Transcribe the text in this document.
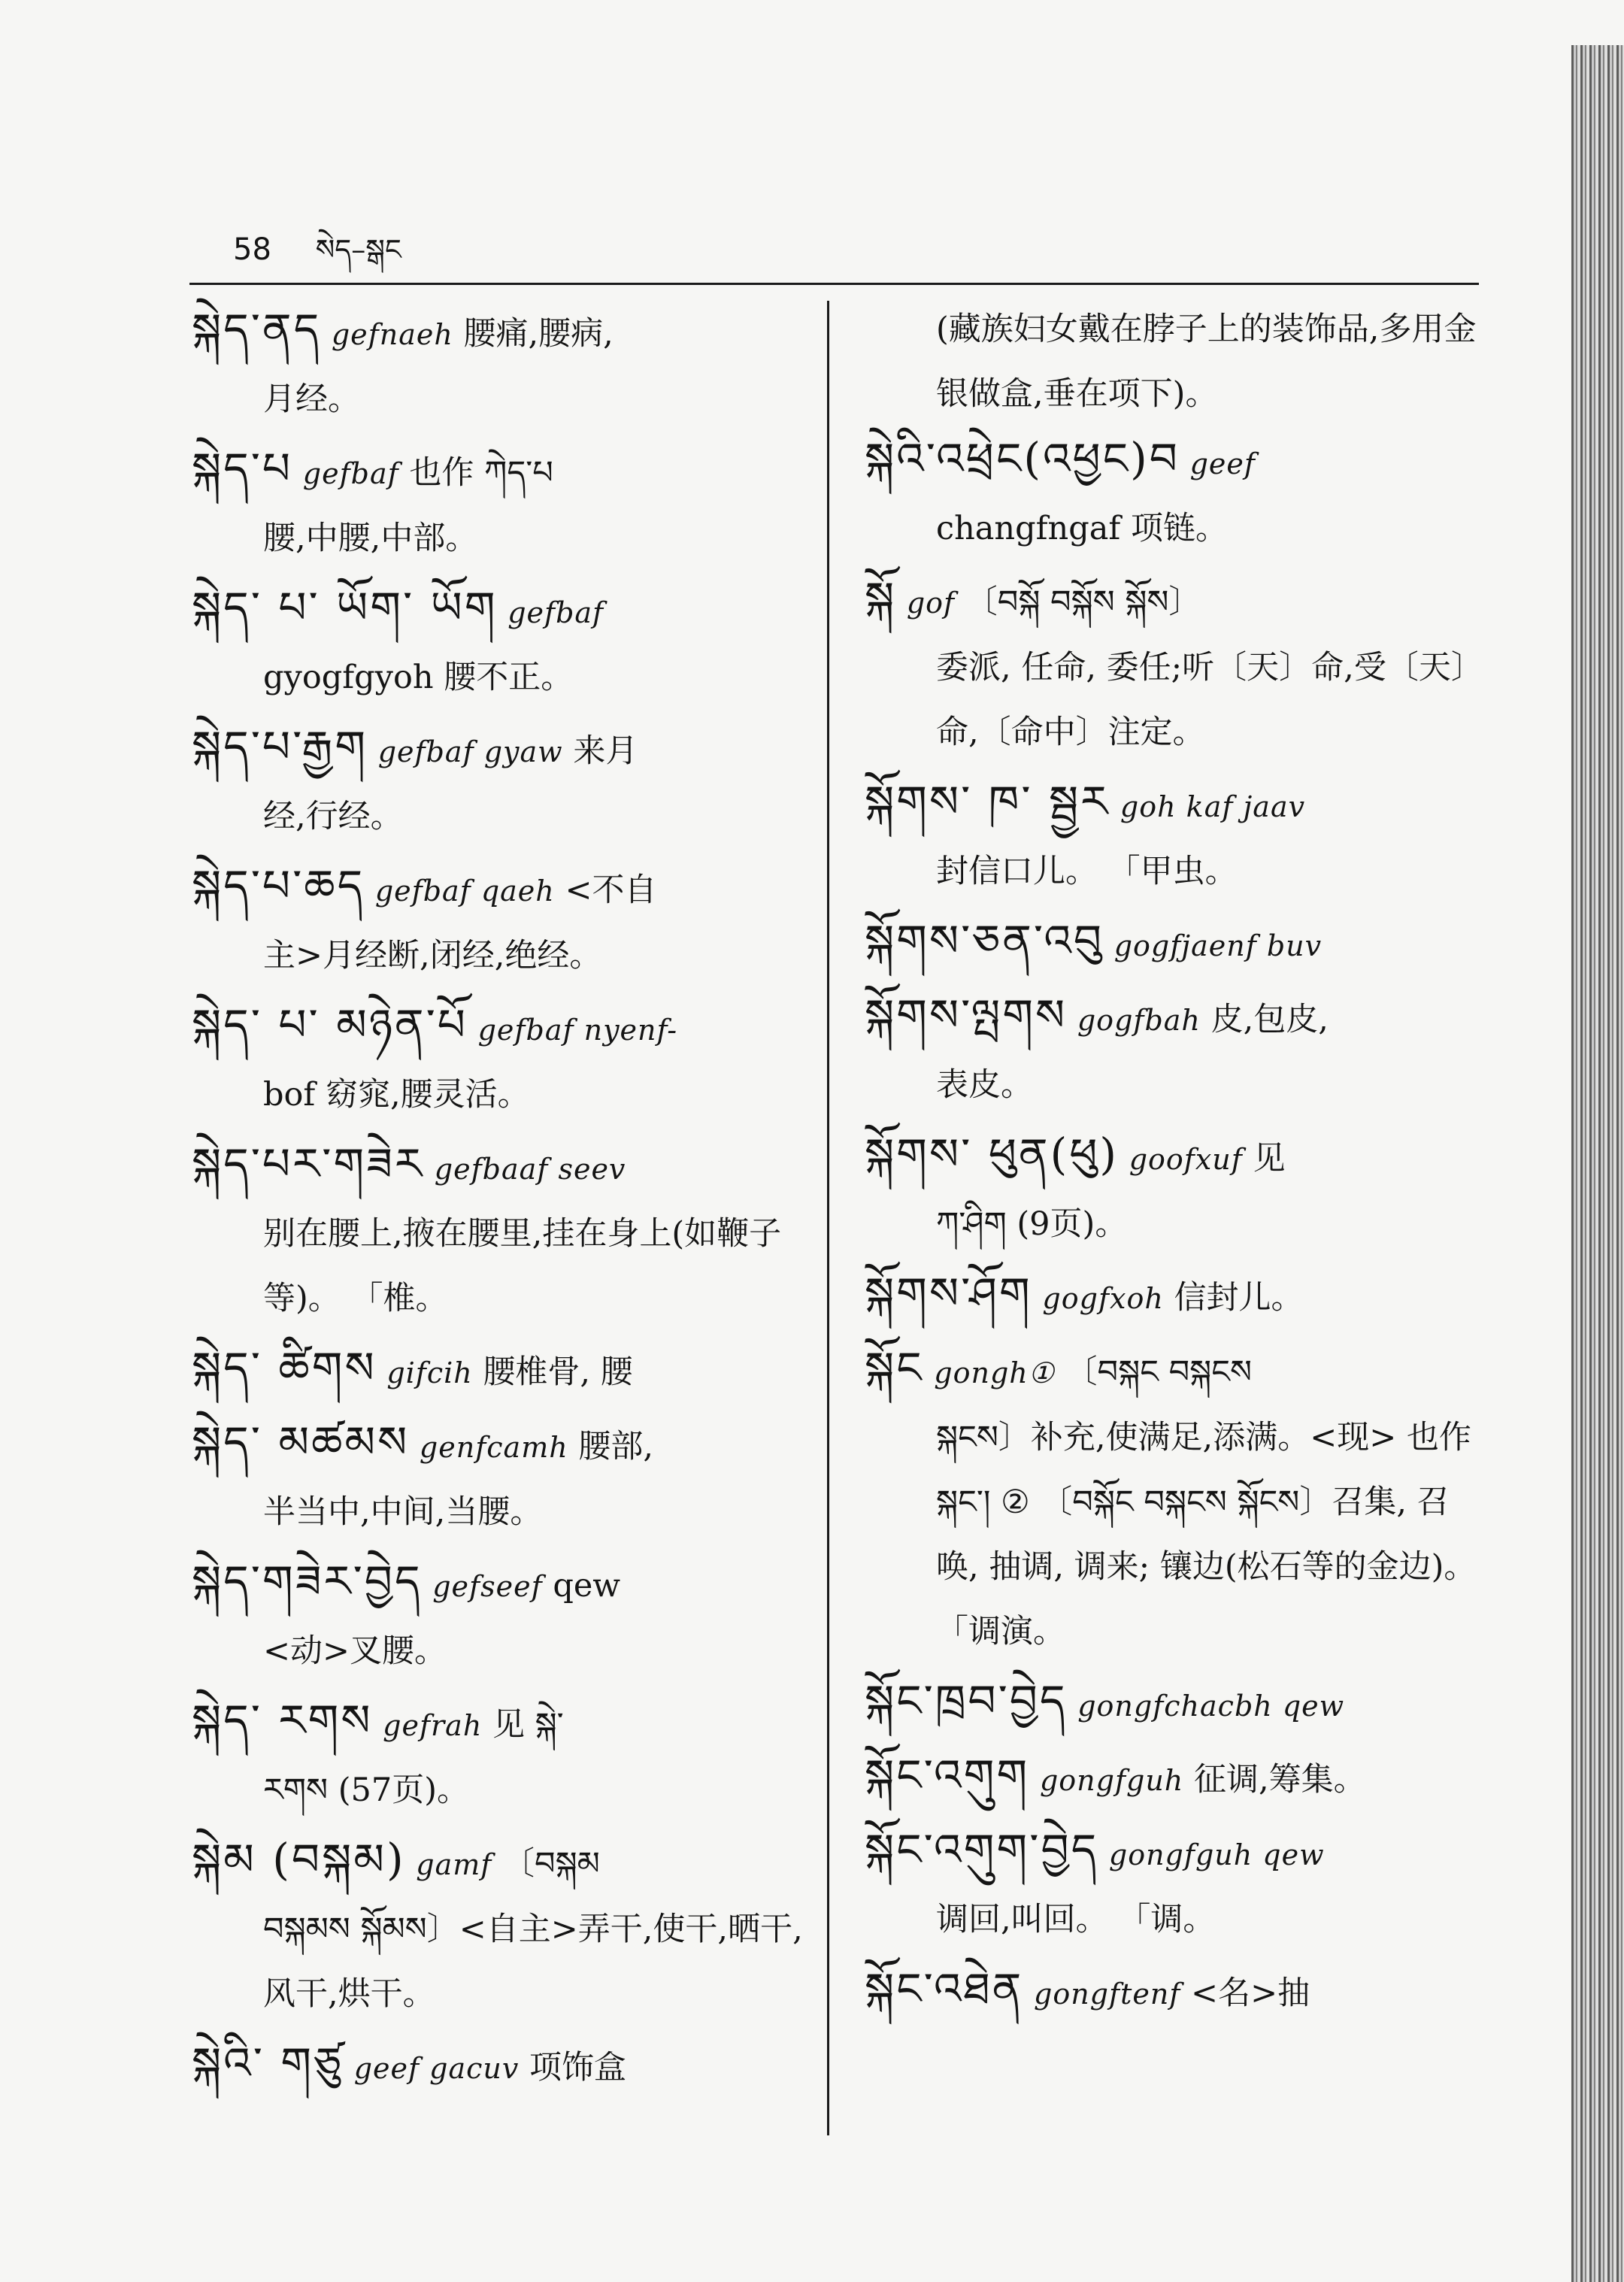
58 སེད–སྒང
སྐེད་ནད gefnaeh 腰痛,腰病,
月经。
སྐེད་པ gefbaf 也作 ཀེད་པ
腰,中腰,中部。
སྐེད་ པ་ ཡོག་ ཡོག gefbaf
gyogfgyoh 腰不正。
སྐེད་པ་རྒྱག gefbaf gyaw 来月
经,行经。
སྐེད་པ་ཆད gefbaf qaeh <不自
主>月经断,闭经,绝经。
སྐེད་ པ་ མཉེན་པོ gefbaf nyenf-
bof 窈窕,腰灵活。
སྐེད་པར་གཟེར gefbaaf seev
别在腰上,掖在腰里,挂在身上(如鞭子等)。 「椎。
སྐེད་ ཚིགས gifcih 腰椎骨, 腰
སྐེད་ མཚམས genfcamh 腰部,
半当中,中间,当腰。
སྐེད་གཟེར་བྱེད gefseef qew
<动>叉腰。
སྐེད་ རགས gefrah 见 སྐེ་
རགས (57页)。
སྐེམ (བསྐམ) gamf 〔བསྐམ
བསྐམས སྐོམས〕<自主>弄干,使干,晒干,风干,烘干。
སྐེའི་ གཙུ geef gacuv 项饰盒
(藏族妇女戴在脖子上的装饰品,多用金银做盒,垂在项下)。
སྐེའི་འཕྲེང(འཕྱང)བ geef
changfngaf 项链。
སྐོ gof 〔བསྐོ བསྐོས སྐོས〕
委派, 任命, 委任;听〔天〕命,受〔天〕命,〔命中〕注定。
སྐོགས་ ཁ་ སྦྱར goh kaf jaav
封信口儿。 「甲虫。
སྐོགས་ཅན་འབུ gogfjaenf buv
སྐོགས་ལྤགས gogfbah 皮,包皮,
表皮。
སྐོགས་ ཕུན(ཕུ) goofxuf 见
ཀ་ཤིག (9页)。
སྐོགས་ཤོག gogfxoh 信封儿。
སྐོང gongh① 〔བསྐང བསྐངས
སྐངས〕补充,使满足,添满。<现> 也作 སྐང་། ② 〔བསྐོང བསྐངས སྐོངས〕召集, 召唤, 抽调, 调来; 镶边(松石等的金边)。 「调演。
སྐོང་ཁྲབ་བྱེད gongfchacbh qew
སྐོང་འགུག gongfguh 征调,筹集。
སྐོང་འགུག་བྱེད gongfguh qew
调回,叫回。 「调。
སྐོང་འཐེན gongftenf <名>抽
